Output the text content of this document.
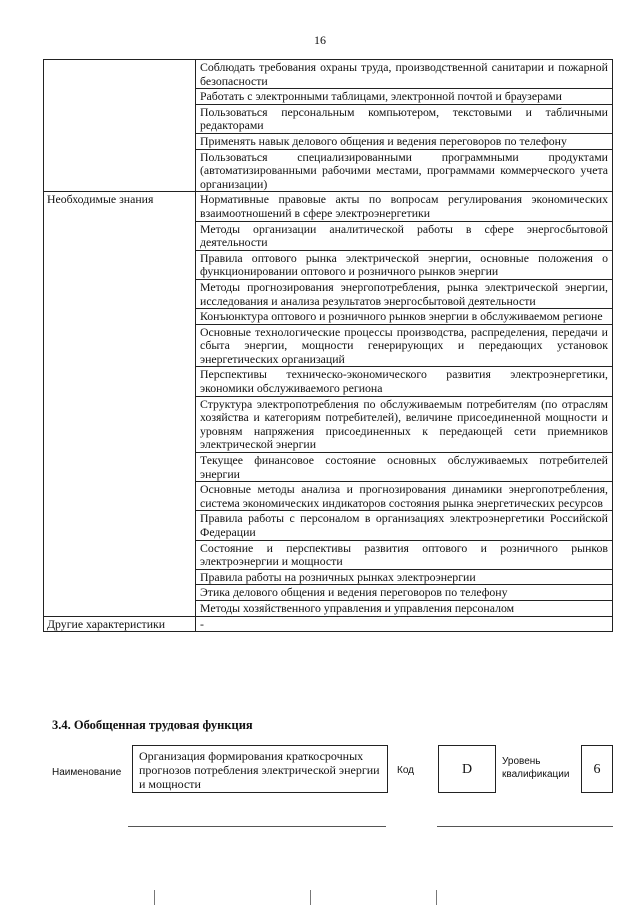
16
	Соблюдать требования охраны труда, производственной санитарии и пожарной безопасности
	Работать с электронными таблицами, электронной почтой и браузерами
	Пользоваться персональным компьютером, текстовыми и табличными редакторами
	Применять навык делового общения и ведения переговоров по телефону
	Пользоваться специализированными программными продуктами (автоматизированными рабочими местами, программами коммерческого учета организации)
Необходимые знания	Нормативные правовые акты по вопросам регулирования экономических взаимоотношений в сфере электроэнергетики
	Методы организации аналитической работы в сфере энергосбытовой деятельности
	Правила оптового рынка электрической энергии, основные положения о функционировании оптового и розничного рынков энергии
	Методы прогнозирования энергопотребления, рынка электрической энергии, исследования и анализа результатов энергосбытовой деятельности
	Конъюнктура оптового и розничного рынков энергии в обслуживаемом регионе
	Основные технологические процессы производства, распределения, передачи и сбыта энергии, мощности генерирующих и передающих установок энергетических организаций
	Перспективы техническо-экономического развития электроэнергетики, экономики обслуживаемого региона
	Структура электропотребления по обслуживаемым потребителям (по отраслям хозяйства и категориям потребителей), величине присоединенной мощности и уровням напряжения присоединенных к передающей сети приемников электрической энергии
	Текущее финансовое состояние основных обслуживаемых потребителей энергии
	Основные методы анализа и прогнозирования динамики энергопотребления, система экономических индикаторов состояния рынка энергетических ресурсов
	Правила работы с персоналом в организациях электроэнергетики Российской Федерации
	Состояние и перспективы развития оптового и розничного рынков электроэнергии и мощности
	Правила работы на розничных рынках электроэнергии
	Этика делового общения и ведения переговоров по телефону
	Методы хозяйственного управления и управления персоналом
Другие характеристики	-
3.4. Обобщенная трудовая функция
Наименование
Организация формирования краткосрочных прогнозов потребления электрической энергии и мощности
Код	D
Уровень квалификации	6
